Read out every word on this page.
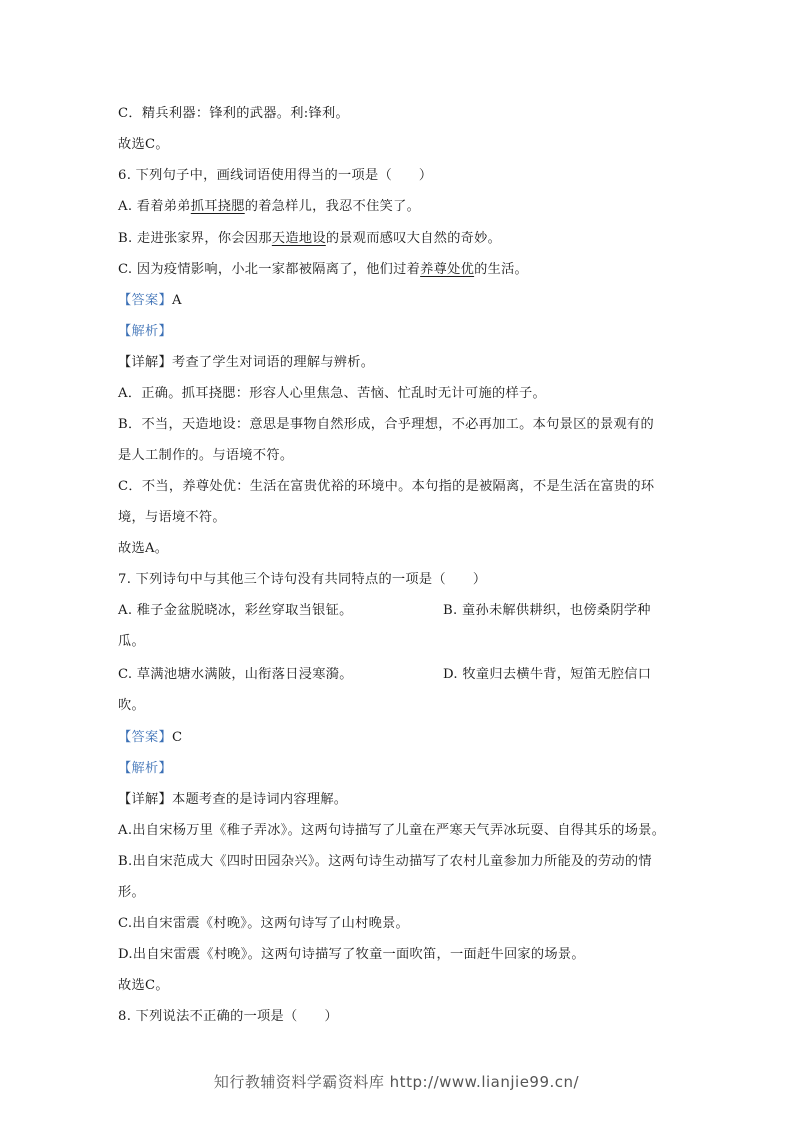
C．精兵利器：锋利的武器。利:锋利。
故选C。
6. 下列句子中，画线词语使用得当的一项是（　　）
A. 看着弟弟抓耳挠腮的着急样儿，我忍不住笑了。
B. 走进张家界，你会因那天造地设的景观而感叹大自然的奇妙。
C. 因为疫情影响，小北一家都被隔离了，他们过着养尊处优的生活。
【答案】A
【解析】
【详解】考查了学生对词语的理解与辨析。
A．正确。抓耳挠腮：形容人心里焦急、苦恼、忙乱时无计可施的样子。
B．不当，天造地设：意思是事物自然形成，合乎理想，不必再加工。本句景区的景观有的
是人工制作的。与语境不符。
C．不当，养尊处优：生活在富贵优裕的环境中。本句指的是被隔离，不是生活在富贵的环
境，与语境不符。
故选A。
7. 下列诗句中与其他三个诗句没有共同特点的一项是（　　）
A. 稚子金盆脱晓冰，彩丝穿取当银钲。	B. 童孙未解供耕织，也傍桑阴学种
瓜。
C. 草满池塘水满陂，山衔落日浸寒漪。	D. 牧童归去横牛背，短笛无腔信口
吹。
【答案】C
【解析】
【详解】本题考查的是诗词内容理解。
A.出自宋杨万里《稚子弄冰》。这两句诗描写了儿童在严寒天气弄冰玩耍、自得其乐的场景。
B.出自宋范成大《四时田园杂兴》。这两句诗生动描写了农村儿童参加力所能及的劳动的情
形。
C.出自宋雷震《村晚》。这两句诗写了山村晚景。
D.出自宋雷震《村晚》。这两句诗描写了牧童一面吹笛，一面赶牛回家的场景。
故选C。
8. 下列说法不正确的一项是（　　）
知行教辅资料学霸资料库 http://www.lianjie99.cn/
